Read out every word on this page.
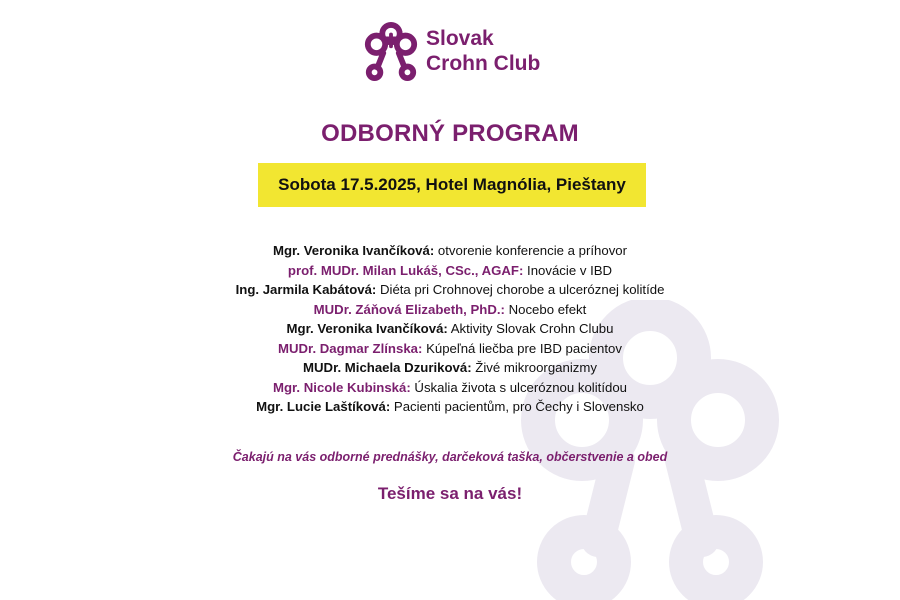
Slovak
Crohn Club
ODBORNÝ PROGRAM
Sobota 17.5.2025, Hotel Magnólia, Pieštany
Mgr. Veronika Ivančíková: otvorenie konferencie a príhovor
prof. MUDr. Milan Lukáš, CSc., AGAF: Inovácie v IBD
Ing. Jarmila Kabátová: Diéta pri Crohnovej chorobe a ulceróznej kolitíde
MUDr. Záňová Elizabeth, PhD.: Nocebo efekt
Mgr. Veronika Ivančíková: Aktivity Slovak Crohn Clubu
MUDr. Dagmar Zlínska: Kúpeľná liečba pre IBD pacientov
MUDr. Michaela Dzuriková: Živé mikroorganizmy
Mgr. Nicole Kubinská: Úskalia života s ulceróznou kolitídou
Mgr. Lucie Laštíková: Pacienti pacientům, pro Čechy i Slovensko
Čakajú na vás odborné prednášky, darčeková taška, občerstvenie a obed
Tešíme sa na vás!
